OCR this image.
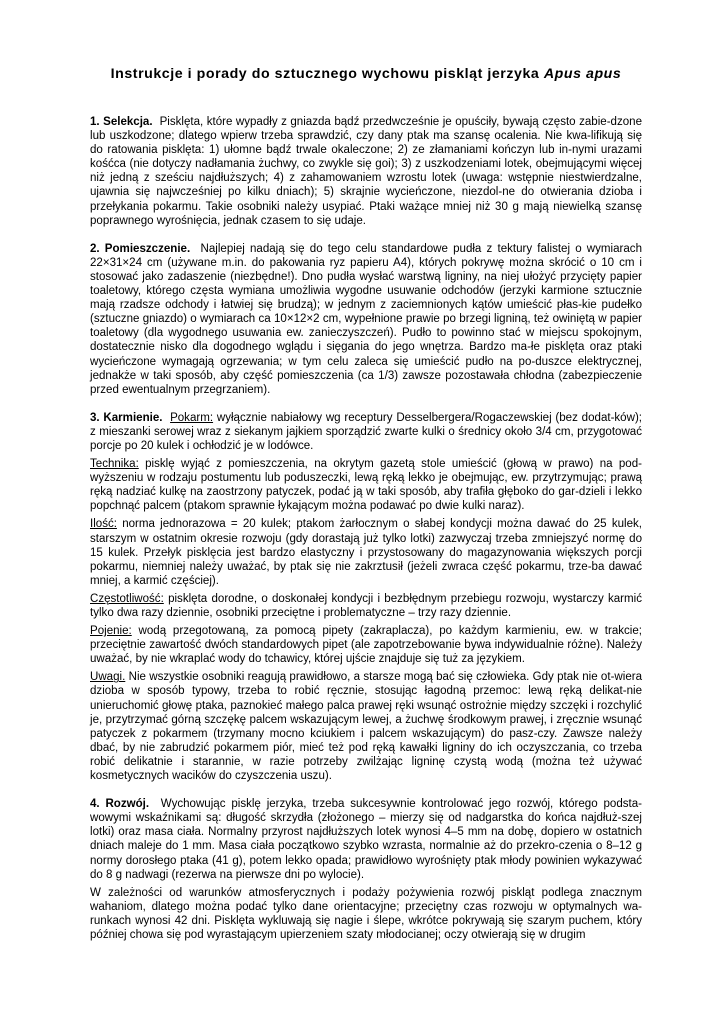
Instrukcje i porady do sztucznego wychowu piskląt jerzyka Apus apus

1. Selekcja. Pisklęta, które wypadły z gniazda bądź przedwcześnie je opuściły, bywają często zabie-dzone lub uszkodzone; dlatego wpierw trzeba sprawdzić, czy dany ptak ma szansę ocalenia. Nie kwa-lifikują się do ratowania pisklęta: 1) ułomne bądź trwale okaleczone; 2) ze złamaniami kończyn lub in-nymi urazami kośćca (nie dotyczy nadłamania żuchwy, co zwykle się goi); 3) z uszkodzeniami lotek, obejmującymi więcej niż jedną z sześciu najdłuższych; 4) z zahamowaniem wzrostu lotek (uwaga: wstępnie niestwierdzalne, ujawnia się najwcześniej po kilku dniach); 5) skrajnie wycieńczone, niezdol-ne do otwierania dzioba i przełykania pokarmu. Takie osobniki należy usypiać. Ptaki ważące mniej niż 30 g mają niewielką szansę poprawnego wyrośnięcia, jednak czasem to się udaje.

2. Pomieszczenie. Najlepiej nadają się do tego celu standardowe pudła z tektury falistej o wymiarach 22×31×24 cm (używane m.in. do pakowania ryz papieru A4), których pokrywę można skrócić o 10 cm i stosować jako zadaszenie (niezbędne!). Dno pudła wysłać warstwą ligniny, na niej ułożyć przycięty papier toaletowy, którego częsta wymiana umożliwia wygodne usuwanie odchodów (jerzyki karmione sztucznie mają rzadsze odchody i łatwiej się brudzą); w jednym z zaciemnionych kątów umieścić płas-kie pudełko (sztuczne gniazdo) o wymiarach ca 10×12×2 cm, wypełnione prawie po brzegi ligniną, też owiniętą w papier toaletowy (dla wygodnego usuwania ew. zanieczyszczeń). Pudło to powinno stać w miejscu spokojnym, dostatecznie nisko dla dogodnego wglądu i sięgania do jego wnętrza. Bardzo ma-łe pisklęta oraz ptaki wycieńczone wymagają ogrzewania; w tym celu zaleca się umieścić pudło na po-duszce elektrycznej, jednakże w taki sposób, aby część pomieszczenia (ca 1/3) zawsze pozostawała chłodna (zabezpieczenie przed ewentualnym przegrzaniem).

3. Karmienie. Pokarm: wyłącznie nabiałowy wg receptury Desselbergera/Rogaczewskiej (bez dodat-ków); z mieszanki serowej wraz z siekanym jajkiem sporządzić zwarte kulki o średnicy około 3/4 cm, przygotować porcje po 20 kulek i ochłodzić je w lodówce.

Technika: pisklę wyjąć z pomieszczenia, na okrytym gazetą stole umieścić (głową w prawo) na pod-wyższeniu w rodzaju postumentu lub poduszeczki, lewą ręką lekko je obejmując, ew. przytrzymując; prawą ręką nadziać kulkę na zaostrzony patyczek, podać ją w taki sposób, aby trafiła głęboko do gar-dzieli i lekko popchnąć palcem (ptakom sprawnie łykającym można podawać po dwie kulki naraz).

Ilość: norma jednorazowa = 20 kulek; ptakom żarłocznym o słabej kondycji można dawać do 25 kulek, starszym w ostatnim okresie rozwoju (gdy dorastają już tylko lotki) zazwyczaj trzeba zmniejszyć normę do 15 kulek. Przełyk pisklęcia jest bardzo elastyczny i przystosowany do magazynowania większych porcji pokarmu, niemniej należy uważać, by ptak się nie zakrztusił (jeżeli zwraca część pokarmu, trze-ba dawać mniej, a karmić częściej).

Częstotliwość: pisklęta dorodne, o doskonałej kondycji i bezbłędnym przebiegu rozwoju, wystarczy karmić tylko dwa razy dziennie, osobniki przeciętne i problematyczne – trzy razy dziennie.

Pojenie: wodą przegotowaną, za pomocą pipety (zakraplacza), po każdym karmieniu, ew. w trakcie; przeciętnie zawartość dwóch standardowych pipet (ale zapotrzebowanie bywa indywidualnie różne). Należy uważać, by nie wkraplać wody do tchawicy, której ujście znajduje się tuż za językiem.

Uwagi. Nie wszystkie osobniki reagują prawidłowo, a starsze mogą bać się człowieka. Gdy ptak nie ot-wiera dzioba w sposób typowy, trzeba to robić ręcznie, stosując łagodną przemoc: lewą ręką delikat-nie unieruchomić głowę ptaka, paznokieć małego palca prawej ręki wsunąć ostrożnie między szczęki i rozchylić je, przytrzymać górną szczękę palcem wskazującym lewej, a żuchwę środkowym prawej, i zręcznie wsunąć patyczek z pokarmem (trzymany mocno kciukiem i palcem wskazującym) do pasz-czy. Zawsze należy dbać, by nie zabrudzić pokarmem piór, mieć też pod ręką kawałki ligniny do ich oczyszczania, co trzeba robić delikatnie i starannie, w razie potrzeby zwilżając ligninę czystą wodą (można też używać kosmetycznych wacików do czyszczenia uszu).

4. Rozwój. Wychowując pisklę jerzyka, trzeba sukcesywnie kontrolować jego rozwój, którego podsta-wowymi wskaźnikami są: długość skrzydła (złożonego – mierzy się od nadgarstka do końca najdłuż-szej lotki) oraz masa ciała. Normalny przyrost najdłuższych lotek wynosi 4–5 mm na dobę, dopiero w ostatnich dniach maleje do 1 mm. Masa ciała początkowo szybko wzrasta, normalnie aż do przekro-czenia o 8–12 g normy dorosłego ptaka (41 g), potem lekko opada; prawidłowo wyrośnięty ptak młody powinien wykazywać do 8 g nadwagi (rezerwa na pierwsze dni po wylocie).

W zależności od warunków atmosferycznych i podaży pożywienia rozwój piskląt podlega znacznym wahaniom, dlatego można podać tylko dane orientacyjne; przeciętny czas rozwoju w optymalnych wa-runkach wynosi 42 dni. Pisklęta wykluwają się nagie i ślepe, wkrótce pokrywają się szarym puchem, który później chowa się pod wyrastającym upierzeniem szaty młodocianej; oczy otwierają się w drugim
